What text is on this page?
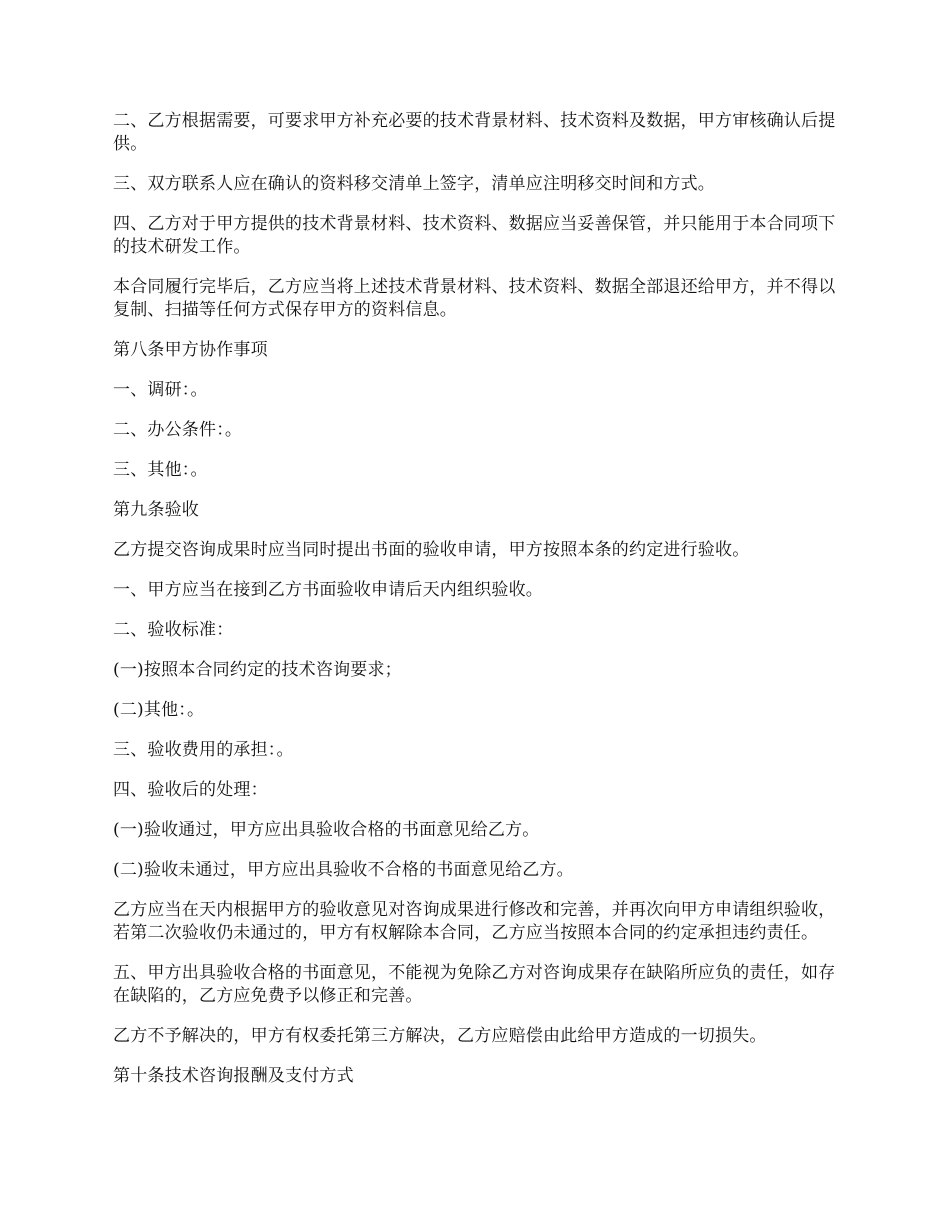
二、乙方根据需要，可要求甲方补充必要的技术背景材料、技术资料及数据，甲方审核确认后提供。

三、双方联系人应在确认的资料移交清单上签字，清单应注明移交时间和方式。

四、乙方对于甲方提供的技术背景材料、技术资料、数据应当妥善保管，并只能用于本合同项下的技术研发工作。

本合同履行完毕后，乙方应当将上述技术背景材料、技术资料、数据全部退还给甲方，并不得以复制、扫描等任何方式保存甲方的资料信息。

第八条甲方协作事项

一、调研：。

二、办公条件：。

三、其他：。

第九条验收

乙方提交咨询成果时应当同时提出书面的验收申请，甲方按照本条的约定进行验收。

一、甲方应当在接到乙方书面验收申请后天内组织验收。

二、验收标准：

(一)按照本合同约定的技术咨询要求；

(二)其他：。

三、验收费用的承担：。

四、验收后的处理：

(一)验收通过，甲方应出具验收合格的书面意见给乙方。

(二)验收未通过，甲方应出具验收不合格的书面意见给乙方。

乙方应当在天内根据甲方的验收意见对咨询成果进行修改和完善，并再次向甲方申请组织验收，若第二次验收仍未通过的，甲方有权解除本合同，乙方应当按照本合同的约定承担违约责任。

五、甲方出具验收合格的书面意见，不能视为免除乙方对咨询成果存在缺陷所应负的责任，如存在缺陷的，乙方应免费予以修正和完善。

乙方不予解决的，甲方有权委托第三方解决，乙方应赔偿由此给甲方造成的一切损失。

第十条技术咨询报酬及支付方式
